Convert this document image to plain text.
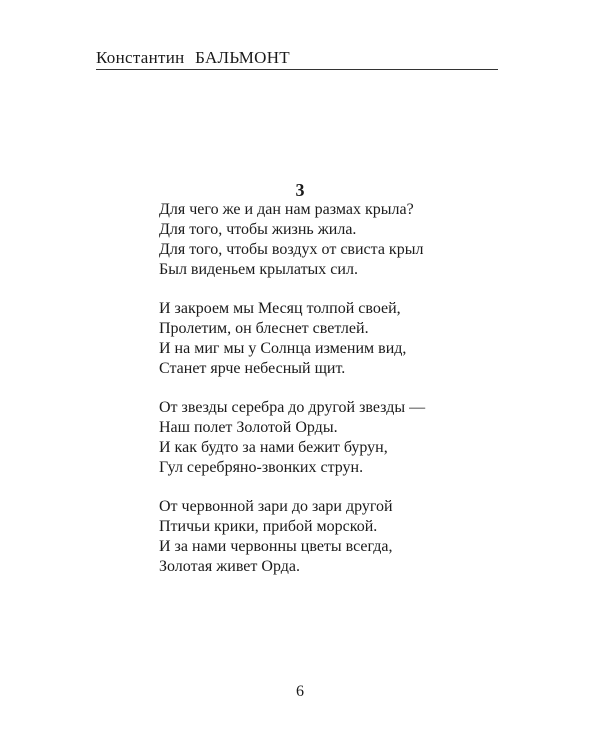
Константин БАЛЬМОНТ
3
Для чего же и дан нам размах крыла?
Для того, чтобы жизнь жила.
Для того, чтобы воздух от свиста крыл
Был виденьем крылатых сил.
И закроем мы Месяц толпой своей,
Пролетим, он блеснет светлей.
И на миг мы у Солнца изменим вид,
Станет ярче небесный щит.
От звезды серебра до другой звезды —
Наш полет Золотой Орды.
И как будто за нами бежит бурун,
Гул серебряно-звонких струн.
От червонной зари до зари другой
Птичьи крики, прибой морской.
И за нами червонны цветы всегда,
Золотая живет Орда.
6
